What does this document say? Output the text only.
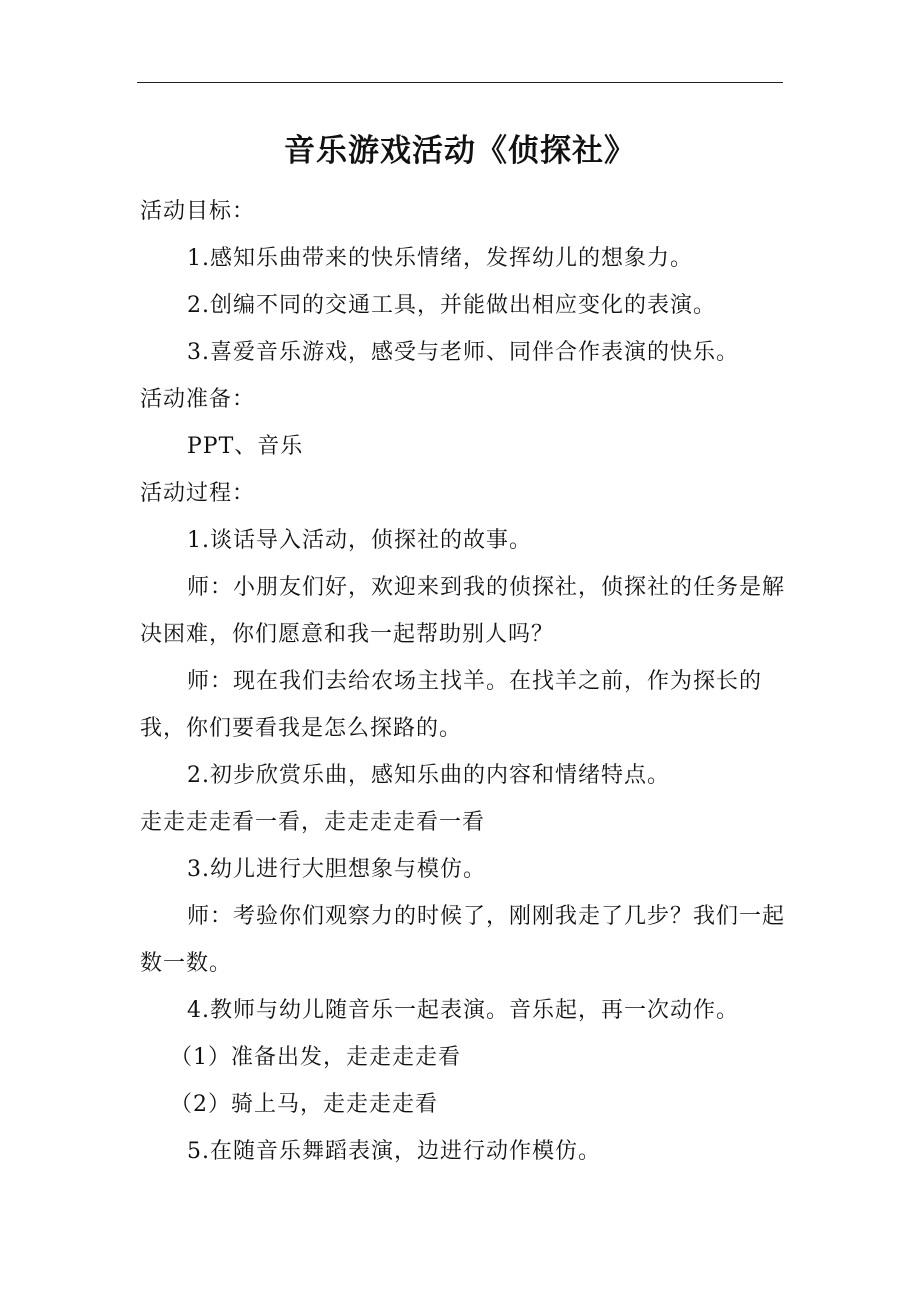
音乐游戏活动《侦探社》

活动目标：

1.感知乐曲带来的快乐情绪，发挥幼儿的想象力。

2.创编不同的交通工具，并能做出相应变化的表演。

3.喜爱音乐游戏，感受与老师、同伴合作表演的快乐。

活动准备：

PPT、音乐

活动过程：

1.谈话导入活动，侦探社的故事。

师：小朋友们好，欢迎来到我的侦探社，侦探社的任务是解决困难，你们愿意和我一起帮助别人吗？

师：现在我们去给农场主找羊。在找羊之前，作为探长的我，你们要看我是怎么探路的。

2.初步欣赏乐曲，感知乐曲的内容和情绪特点。

走走走走看一看，走走走走看一看

3.幼儿进行大胆想象与模仿。

师：考验你们观察力的时候了，刚刚我走了几步？我们一起数一数。

4.教师与幼儿随音乐一起表演。音乐起，再一次动作。

（1）准备出发，走走走走看

（2）骑上马，走走走走看

5.在随音乐舞蹈表演，边进行动作模仿。
